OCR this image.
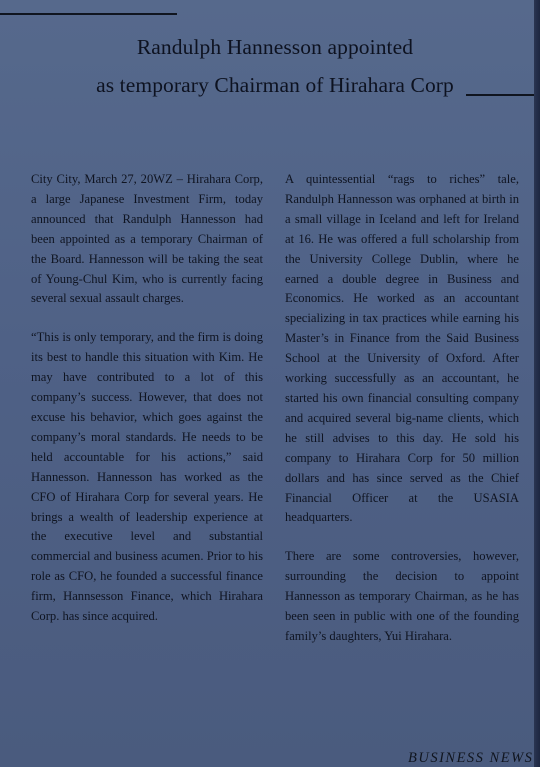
Randulph Hannesson appointed
as temporary Chairman of Hirahara Corp

City City, March 27, 20WZ – Hirahara Corp, a large Japanese Investment Firm, today announced that Randulph Hannesson had been appointed as a temporary Chairman of the Board. Hannesson will be taking the seat of Young-Chul Kim, who is currently facing several sexual assault charges.

“This is only temporary, and the firm is doing its best to handle this situation with Kim. He may have contributed to a lot of this company’s success. However, that does not excuse his behavior, which goes against the company’s moral standards. He needs to be held accountable for his actions,” said Hannesson. Hannesson has worked as the CFO of Hirahara Corp for several years. He brings a wealth of leadership experience at the executive level and substantial commercial and business acumen. Prior to his role as CFO, he founded a successful finance firm, Hannsesson Finance, which Hirahara Corp. has since acquired.

A quintessential “rags to riches” tale, Randulph Hannesson was orphaned at birth in a small village in Iceland and left for Ireland at 16. He was offered a full scholarship from the University College Dublin, where he earned a double degree in Business and Economics. He worked as an accountant specializing in tax practices while earning his Master’s in Finance from the Said Business School at the University of Oxford. After working successfully as an accountant, he started his own financial consulting company and acquired several big-name clients, which he still advises to this day. He sold his company to Hirahara Corp for 50 million dollars and has since served as the Chief Financial Officer at the USASIA headquarters.

There are some controversies, however, surrounding the decision to appoint Hannesson as temporary Chairman, as he has been seen in public with one of the founding family’s daughters, Yui Hirahara.

BUSINESS NEWS
